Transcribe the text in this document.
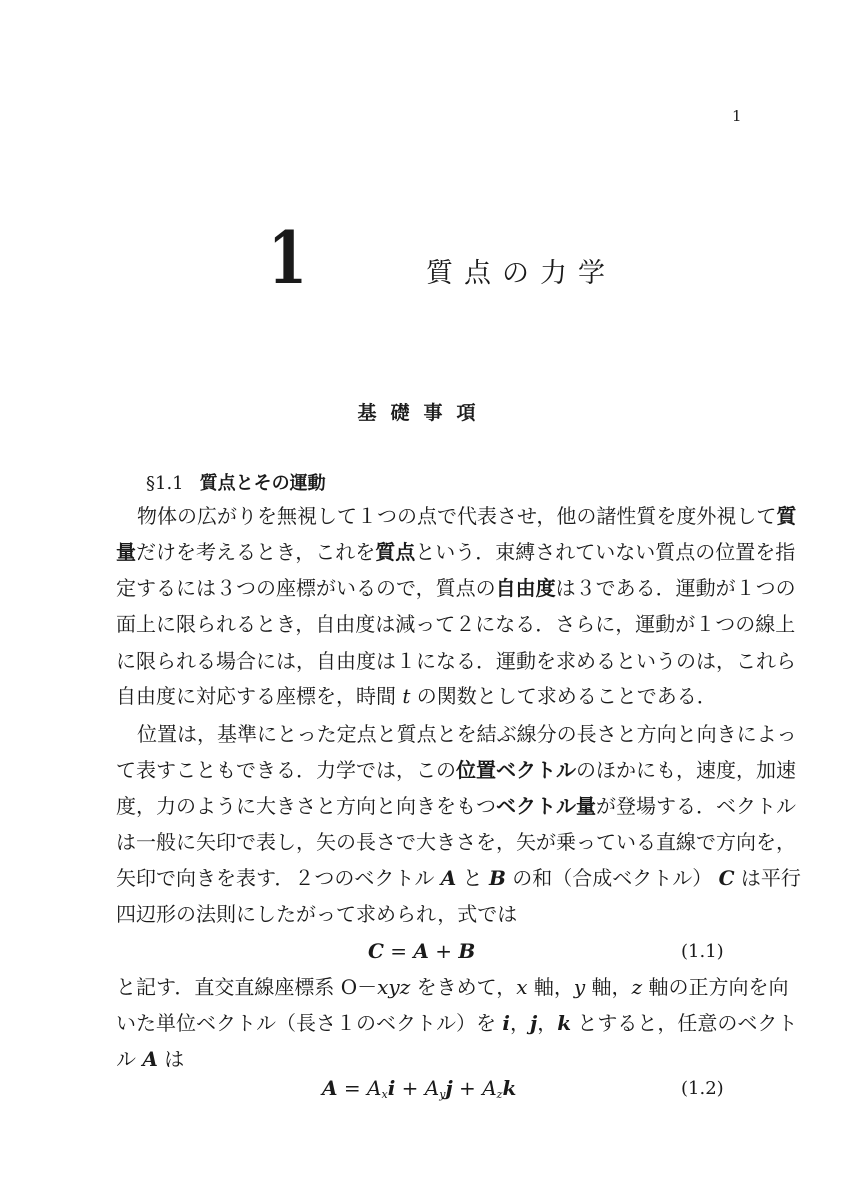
1
1	質点の力学
基礎事項
§1.1 質点とその運動
物体の広がりを無視して１つの点で代表させ，他の諸性質を度外視して質
量だけを考えるとき，これを質点という．束縛されていない質点の位置を指
定するには３つの座標がいるので，質点の自由度は３である．運動が１つの
面上に限られるとき，自由度は減って２になる．さらに，運動が１つの線上
に限られる場合には，自由度は１になる．運動を求めるというのは，これら
自由度に対応する座標を，時間 t の関数として求めることである．
位置は，基準にとった定点と質点とを結ぶ線分の長さと方向と向きによっ
て表すこともできる．力学では，この位置ベクトルのほかにも，速度，加速
度，力のように大きさと方向と向きをもつベクトル量が登場する．ベクトル
は一般に矢印で表し，矢の長さで大きさを，矢が乗っている直線で方向を，
矢印で向きを表す．２つのベクトル A と B の和（合成ベクトル） C は平行
四辺形の法則にしたがって求められ，式では
C = A + B	(1.1)
と記す．直交直線座標系 O－xyz をきめて，x 軸，y 軸，z 軸の正方向を向
いた単位ベクトル（長さ１のベクトル）を i，j，k とすると，任意のベクト
ル A は
$A = A_xi + A_yj + A_zk$	(1.2)
